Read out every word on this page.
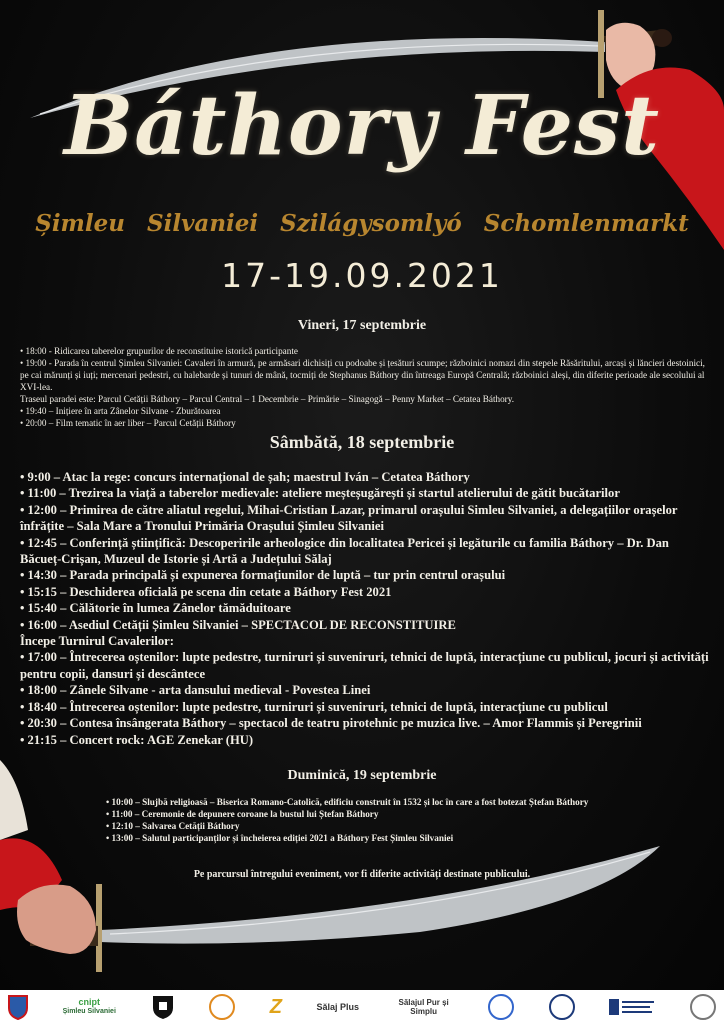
Báthory Fest
Șimleu Silvaniei Szilágysomlyó Schomlenmarkt
17-19.09.2021
Vineri, 17 septembrie
• 18:00 - Ridicarea taberelor grupurilor de reconstituire istorică participante
• 19:00 - Parada în centrul Șimleu Silvaniei: Cavaleri în armură, pe armăsari dichisiți cu podoabe și țesături scumpe; războinici nomazi din stepele Răsăritului, arcași și lăncieri destoinici, pe cai mărunți și iuți; mercenari pedestri, cu halebarde și tunuri de mână, tocmiți de Stephanus Báthory din întreaga Europă Centrală; războinici aleși, din diferite perioade ale secolului al XVI-lea.
Traseul paradei este: Parcul Cetății Báthory – Parcul Central – 1 Decembrie – Primărie – Sinagogă – Penny Market – Cetatea Báthory.
• 19:40 – Inițiere în arta Zânelor Silvane - Zburătoarea
• 20:00 – Film tematic în aer liber – Parcul Cetății Báthory
Sâmbătă, 18 septembrie
• 9:00 – Atac la rege: concurs internațional de șah; maestrul Iván – Cetatea Báthory
• 11:00 – Trezirea la viață a taberelor medievale: ateliere meșteșugărești și startul atelierului de gătit bucătarilor
• 12:00 – Primirea de către aliatul regelui, Mihai-Cristian Lazar, primarul orașului Simleu Silvaniei, a delegațiilor orașelor înfrățite – Sala Mare a Tronului Primăria Orașului Șimleu Silvaniei
• 12:45 – Conferință științifică: Descoperirile arheologice din localitatea Pericei și legăturile cu familia Báthory – Dr. Dan Băcueț-Crișan, Muzeul de Istorie și Artă a Județului Sălaj
• 14:30 – Parada principală și expunerea formațiunilor de luptă – tur prin centrul orașului
• 15:15 – Deschiderea oficială pe scena din cetate a Báthory Fest 2021
• 15:40 – Călătorie în lumea Zânelor tămăduitoare
• 16:00 – Asediul Cetății Șimleu Silvaniei – SPECTACOL DE RECONSTITUIRE
Începe Turnirul Cavalerilor:
• 17:00 – Întrecerea oștenilor: lupte pedestre, turniruri și suveniruri, tehnici de luptă, interacțiune cu publicul, jocuri și activități pentru copii, dansuri și descântece
• 18:00 – Zânele Silvane - arta dansului medieval - Povestea Linei
• 18:40 – Întrecerea oștenilor: lupte pedestre, turniruri și suveniruri, tehnici de luptă, interacțiune cu publicul
• 20:30 – Contesa însângerata Báthory – spectacol de teatru pirotehnic pe muzica live. – Amor Flammis și Peregrinii
• 21:15 – Concert rock: AGE Zenekar (HU)
Duminică, 19 septembrie
• 10:00 – Slujbă religioasă – Biserica Romano-Catolică, edificiu construit în 1532 și loc în care a fost botezat Ștefan Báthory
• 11:00 – Ceremonie de depunere coroane la bustul lui Ștefan Báthory
• 12:10 – Salvarea Cetății Báthory
• 13:00 – Salutul participanților și încheierea ediției 2021 a Báthory Fest Șimleu Silvaniei
Pe parcursul întregului eveniment, vor fi diferite activități destinate publicului.
cnipt
Șimleu Silvaniei	Z	Sălaj Plus	Sălajul Pur și Simplu
